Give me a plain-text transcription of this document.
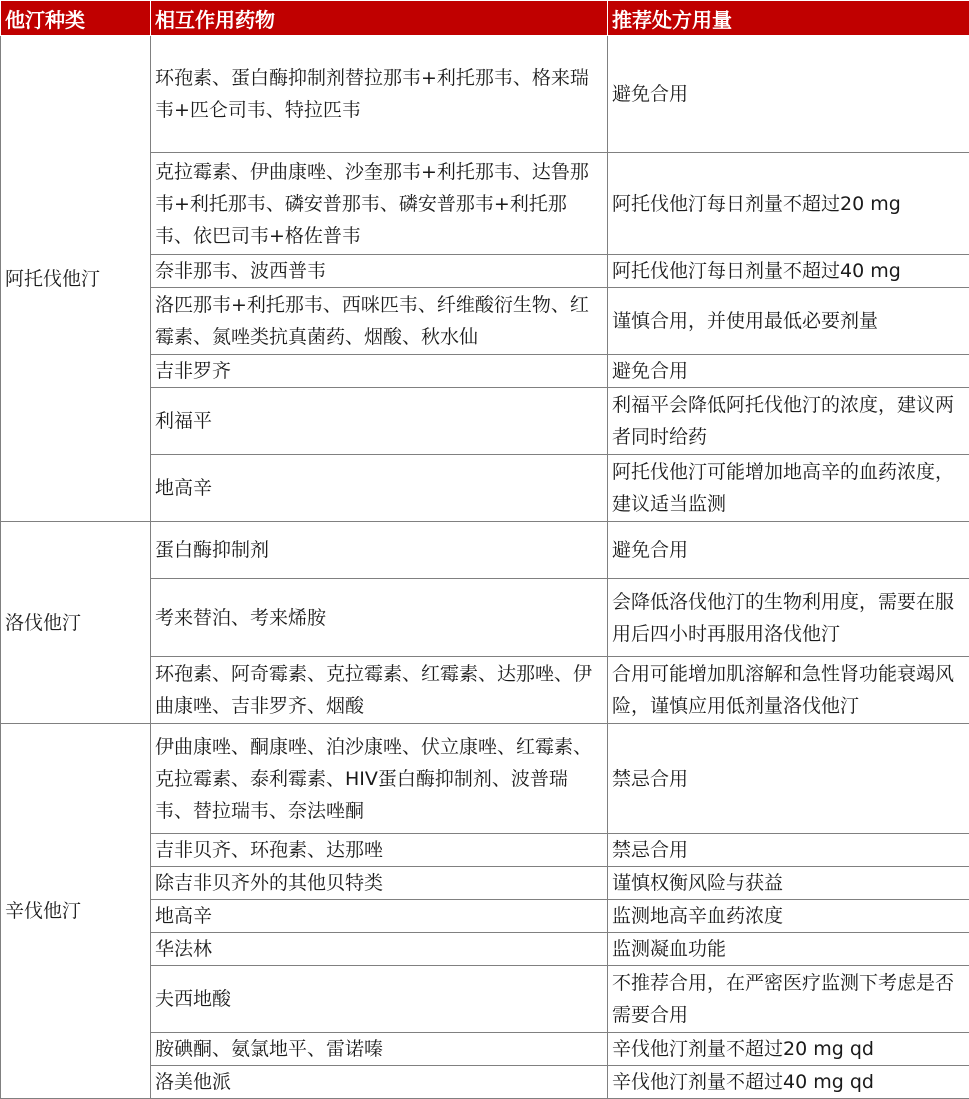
他汀种类	相互作用药物	推荐处方用量
阿托伐他汀	环孢素、蛋白酶抑制剂替拉那韦+利托那韦、格来瑞韦+匹仑司韦、特拉匹韦	避免合用
	克拉霉素、伊曲康唑、沙奎那韦+利托那韦、达鲁那韦+利托那韦、磷安普那韦、磷安普那韦+利托那韦、依巴司韦+格佐普韦	阿托伐他汀每日剂量不超过20 mg
	奈非那韦、波西普韦	阿托伐他汀每日剂量不超过40 mg
	洛匹那韦+利托那韦、西咪匹韦、纤维酸衍生物、红霉素、氮唑类抗真菌药、烟酸、秋水仙	谨慎合用，并使用最低必要剂量
	吉非罗齐	避免合用
	利福平	利福平会降低阿托伐他汀的浓度，建议两者同时给药
	地高辛	阿托伐他汀可能增加地高辛的血药浓度，建议适当监测
洛伐他汀	蛋白酶抑制剂	避免合用
	考来替泊、考来烯胺	会降低洛伐他汀的生物利用度，需要在服用后四小时再服用洛伐他汀
	环孢素、阿奇霉素、克拉霉素、红霉素、达那唑、伊曲康唑、吉非罗齐、烟酸	合用可能增加肌溶解和急性肾功能衰竭风险，谨慎应用低剂量洛伐他汀
辛伐他汀	伊曲康唑、酮康唑、泊沙康唑、伏立康唑、红霉素、克拉霉素、泰利霉素、HIV蛋白酶抑制剂、波普瑞韦、替拉瑞韦、奈法唑酮	禁忌合用
	吉非贝齐、环孢素、达那唑	禁忌合用
	除吉非贝齐外的其他贝特类	谨慎权衡风险与获益
	地高辛	监测地高辛血药浓度
	华法林	监测凝血功能
	夫西地酸	不推荐合用，在严密医疗监测下考虑是否需要合用
	胺碘酮、氨氯地平、雷诺嗪	辛伐他汀剂量不超过20 mg qd
	洛美他派	辛伐他汀剂量不超过40 mg qd
